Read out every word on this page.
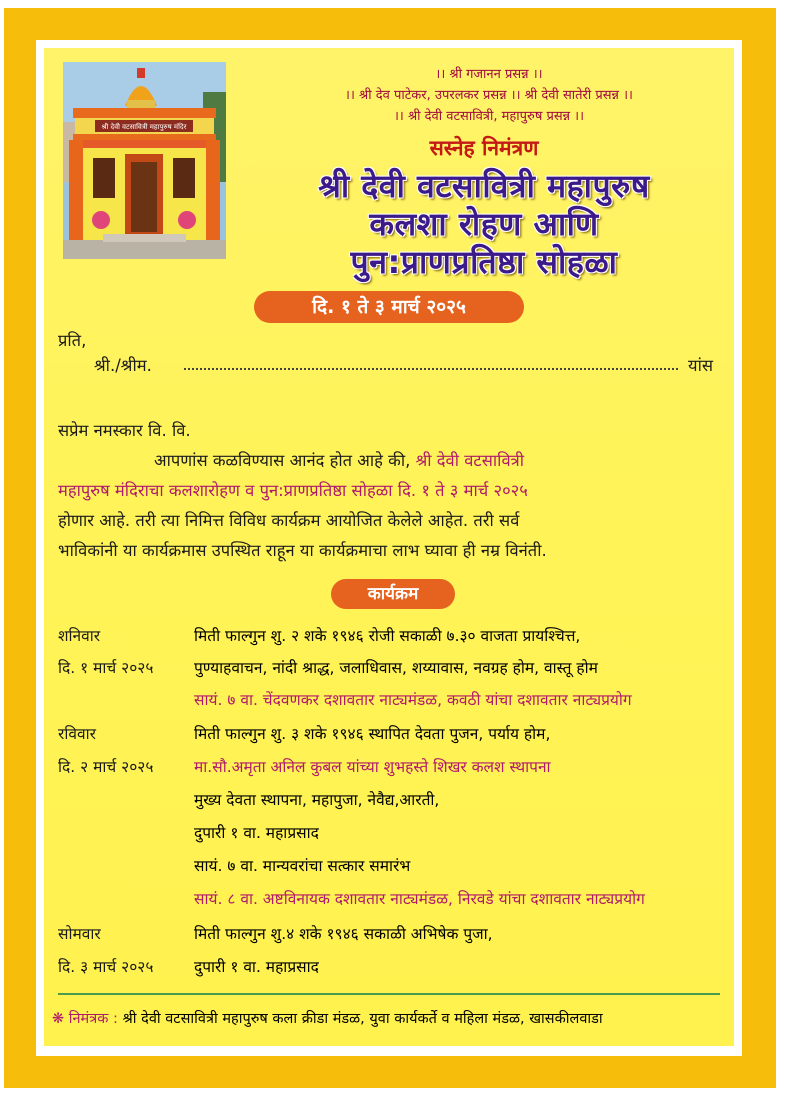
श्री देवी वटसावित्री महापुरुष मंदिर
।। श्री गजानन प्रसन्न ।।
।। श्री देव पाटेकर, उपरलकर प्रसन्न ।। श्री देवी सातेरी प्रसन्न ।।
।। श्री देवी वटसावित्री, महापुरुष प्रसन्न ।।
सस्नेह निमंत्रण
श्री देवी वटसावित्री महापुरुष
कलशा रोहण आणि
पुन:प्राणप्रतिष्ठा सोहळा
दि. १ ते ३ मार्च २०२५
प्रति,
श्री./श्रीम.	यांस
सप्रेम नमस्कार वि. वि.
आपणांस कळविण्यास आनंद होत आहे की, श्री देवी वटसावित्री
महापुरुष मंदिराचा कलशारोहण व पुन:प्राणप्रतिष्ठा सोहळा दि. १ ते ३ मार्च २०२५
होणार आहे. तरी त्या निमित्त विविध कार्यक्रम आयोजित केलेले आहेत. तरी सर्व
भाविकांनी या कार्यक्रमास उपस्थित राहून या कार्यक्रमाचा लाभ घ्यावा ही नम्र विनंती.
कार्यक्रम
शनिवार	मिती फाल्गुन शु. २ शके १९४६ रोजी सकाळी ७.३० वाजता प्रायश्चित्त,
दि. १ मार्च २०२५	पुण्याहवाचन, नांदी श्राद्ध, जलाधिवास, शय्यावास, नवग्रह होम, वास्तू होम
सायं. ७ वा. चेंदवणकर दशावतार नाट्यमंडळ, कवठी यांचा दशावतार नाट्यप्रयोग
रविवार	मिती फाल्गुन शु. ३ शके १९४६ स्थापित देवता पुजन, पर्याय होम,
दि. २ मार्च २०२५	मा.सौ.अमृता अनिल कुबल यांच्या शुभहस्ते शिखर कलश स्थापना
मुख्य देवता स्थापना, महापुजा, नेवैद्य,आरती,
दुपारी १ वा. महाप्रसाद
सायं. ७ वा. मान्यवरांचा सत्कार समारंभ
सायं. ८ वा. अष्टविनायक दशावतार नाट्यमंडळ, निरवडे यांचा दशावतार नाट्यप्रयोग
सोमवार	मिती फाल्गुन शु.४ शके १९४६ सकाळी अभिषेक पुजा,
दि. ३ मार्च २०२५	दुपारी १ वा. महाप्रसाद
❋ निमंत्रक : श्री देवी वटसावित्री महापुरुष कला क्रीडा मंडळ, युवा कार्यकर्ते व महिला मंडळ, खासकीलवाडा
